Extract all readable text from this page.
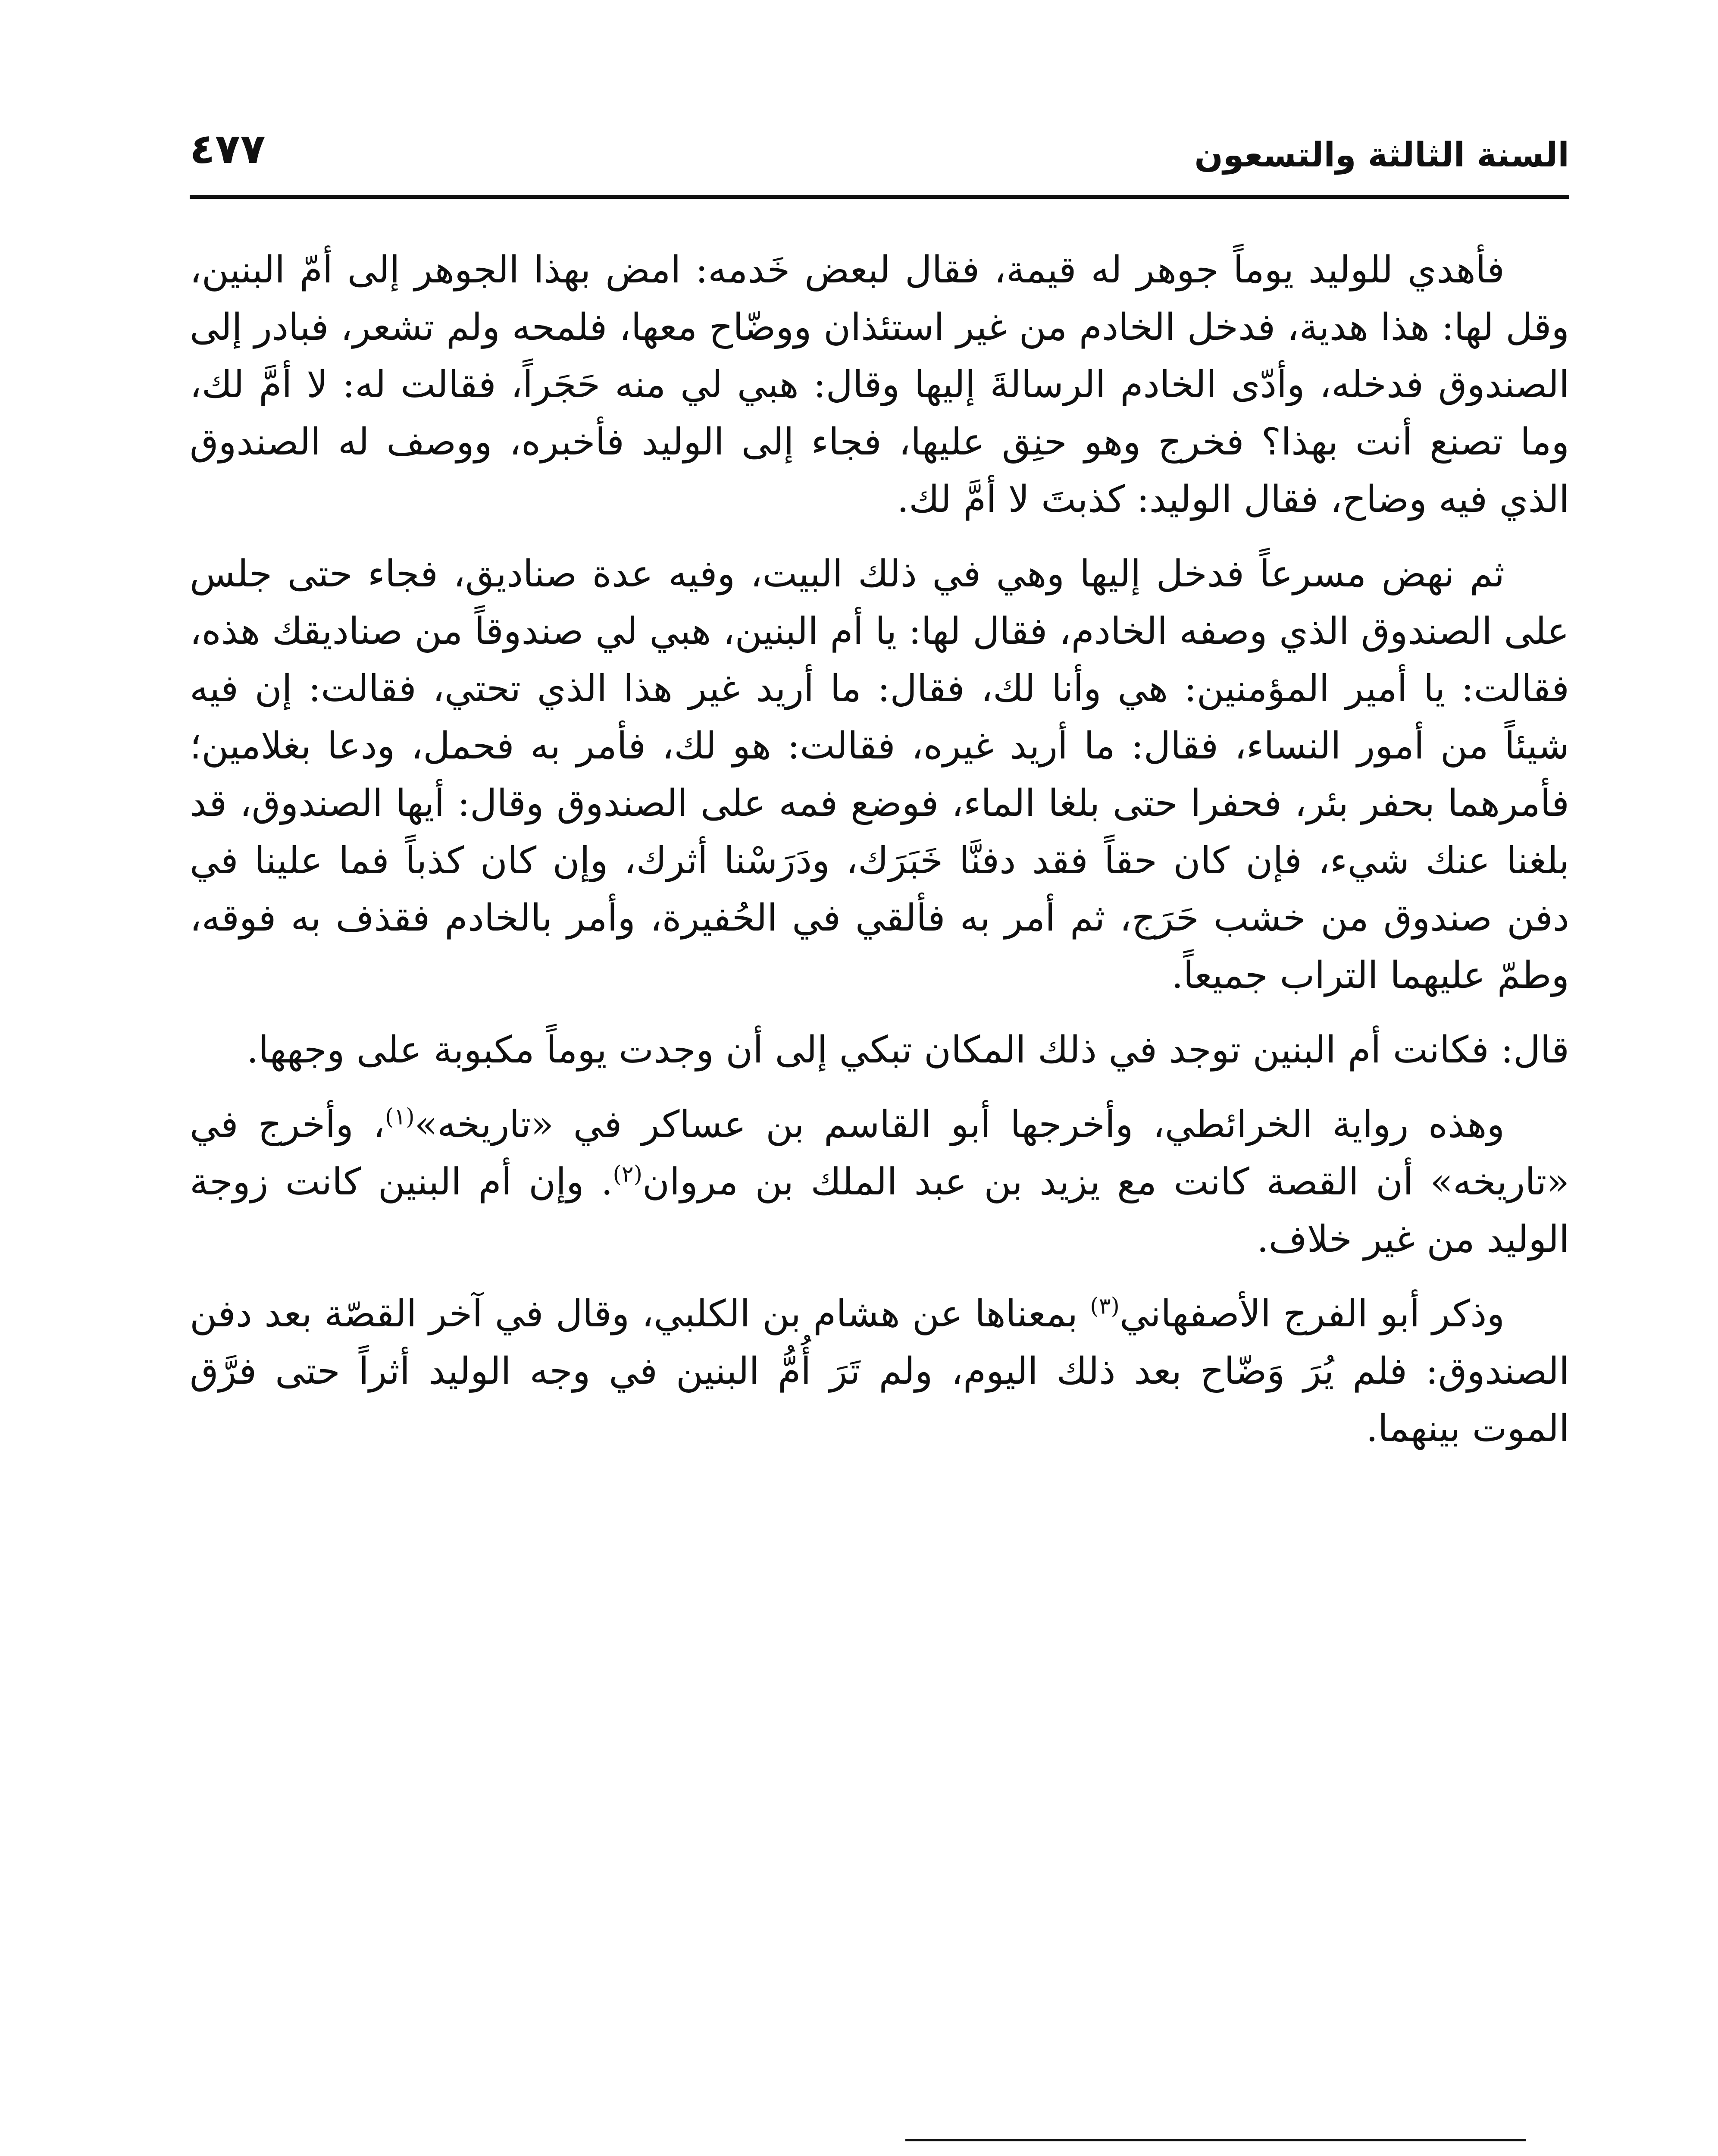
السنة الثالثة والتسعون
٤٧٧

فأهدي للوليد يوماً جوهر له قيمة، فقال لبعض خَدمه: امض بهذا الجوهر إلى أمّ البنين، وقل لها: هذا هدية، فدخل الخادم من غير استئذان ووضّاح معها، فلمحه ولم تشعر، فبادر إلى الصندوق فدخله، وأدّى الخادم الرسالةَ إليها وقال: هبي لي منه حَجَراً، فقالت له: لا أمَّ لك، وما تصنع أنت بهذا؟ فخرج وهو حنِق عليها، فجاء إلى الوليد فأخبره، ووصف له الصندوق الذي فيه وضاح، فقال الوليد: كذبتَ لا أمَّ لك.

ثم نهض مسرعاً فدخل إليها وهي في ذلك البيت، وفيه عدة صناديق، فجاء حتى جلس على الصندوق الذي وصفه الخادم، فقال لها: يا أم البنين، هبي لي صندوقاً من صناديقك هذه، فقالت: يا أمير المؤمنين: هي وأنا لك، فقال: ما أريد غير هذا الذي تحتي، فقالت: إن فيه شيئاً من أمور النساء، فقال: ما أريد غيره، فقالت: هو لك، فأمر به فحمل، ودعا بغلامين؛ فأمرهما بحفر بئر، فحفرا حتى بلغا الماء، فوضع فمه على الصندوق وقال: أيها الصندوق، قد بلغنا عنك شيء، فإن كان حقاً فقد دفنَّا خَبَرَك، ودَرَسْنا أثرك، وإن كان كذباً فما علينا في دفن صندوق من خشب حَرَج، ثم أمر به فألقي في الحُفيرة، وأمر بالخادم فقذف به فوقه، وطمّ عليهما التراب جميعاً.

قال: فكانت أم البنين توجد في ذلك المكان تبكي إلى أن وجدت يوماً مكبوبة على وجهها.

وهذه رواية الخرائطي، وأخرجها أبو القاسم بن عساكر في «تاريخه»$^{(١)}$، وأخرج في «تاريخه» أن القصة كانت مع يزيد بن عبد الملك بن مروان$^{(٢)}$. وإن أم البنين كانت زوجة الوليد من غير خلاف.

وذكر أبو الفرج الأصفهاني$^{(٣)}$ بمعناها عن هشام بن الكلبي، وقال في آخر القصّة بعد دفن الصندوق: فلم يُرَ وَضّاح بعد ذلك اليوم، ولم تَرَ أُمُّ البنين في وجه الوليد أثراً حتى فرَّق الموت بينهما.
